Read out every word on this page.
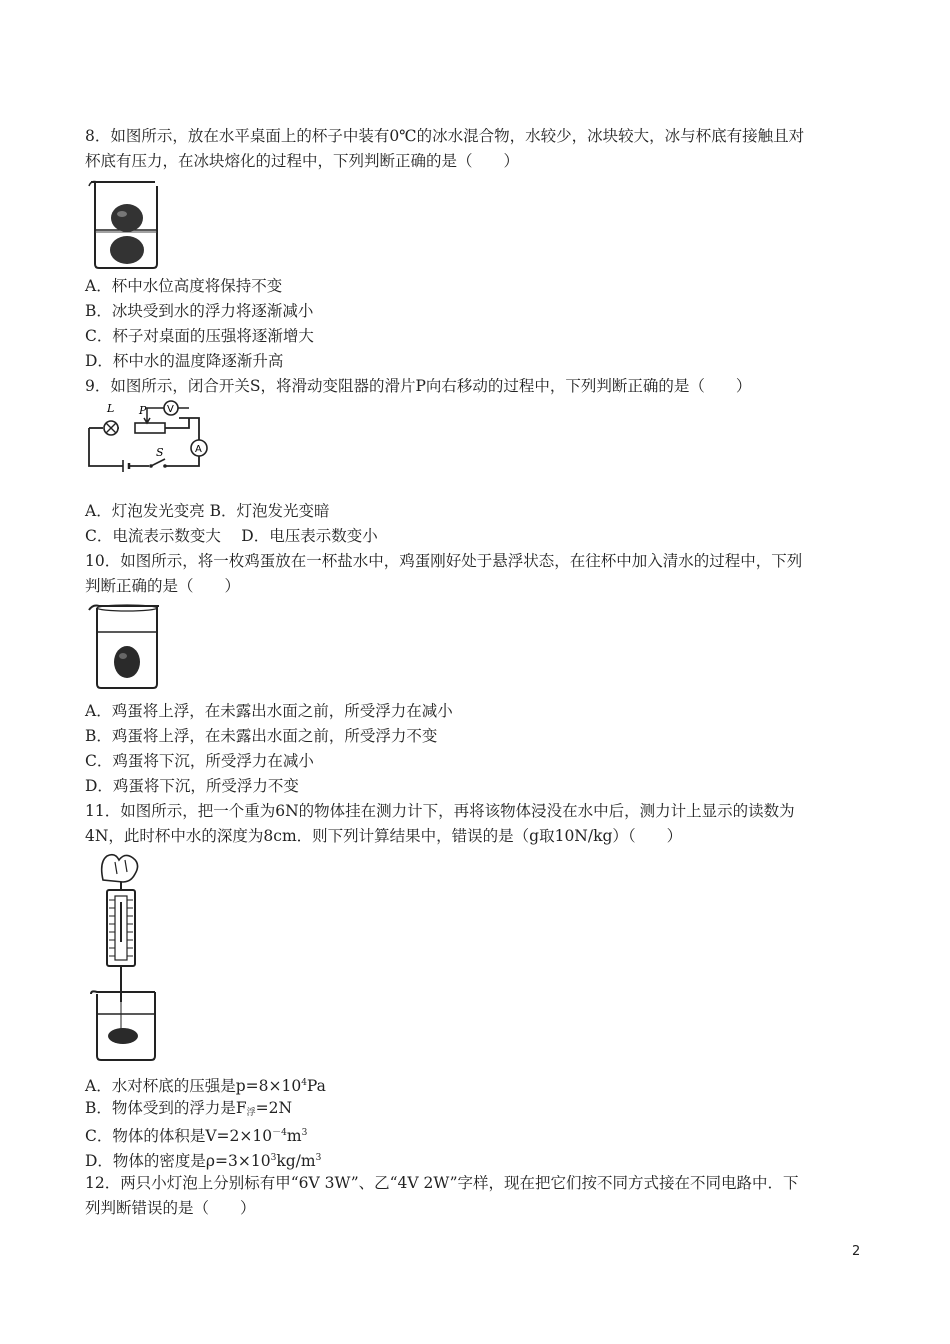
8．如图所示，放在水平桌面上的杯子中装有0℃的冰水混合物，水较少，冰块较大，冰与杯底有接触且对
杯底有压力，在冰块熔化的过程中，下列判断正确的是（　　）
A．杯中水位高度将保持不变
B．冰块受到水的浮力将逐渐减小
C．杯子对桌面的压强将逐渐增大
D．杯中水的温度降逐渐升高
9．如图所示，闭合开关S，将滑动变阻器的滑片P向右移动的过程中，下列判断正确的是（　　）
L P V
A
S
A．灯泡发光变亮 B．灯泡发光变暗
C．电流表示数变大　 D．电压表示数变小
10．如图所示，将一枚鸡蛋放在一杯盐水中，鸡蛋刚好处于悬浮状态，在往杯中加入清水的过程中，下列
判断正确的是（　　）
A．鸡蛋将上浮，在未露出水面之前，所受浮力在减小
B．鸡蛋将上浮，在未露出水面之前，所受浮力不变
C．鸡蛋将下沉，所受浮力在减小
D．鸡蛋将下沉，所受浮力不变
11．如图所示，把一个重为6N的物体挂在测力计下，再将该物体浸没在水中后，测力计上显示的读数为
4N，此时杯中水的深度为8cm．则下列计算结果中，错误的是（g取10N/kg）（　　）
A．水对杯底的压强是$p=8\times 10^4Pa$
B．物体受到的浮力是$F_浮=2N$
C．物体的体积是$V=2\times 10^{-4}m^3$
D．物体的密度是$\rho=3\times 10^3kg/m^3$
12．两只小灯泡上分别标有甲“6V 3W”、乙“4V 2W”字样，现在把它们按不同方式接在不同电路中．下
列判断错误的是（　　）
2
